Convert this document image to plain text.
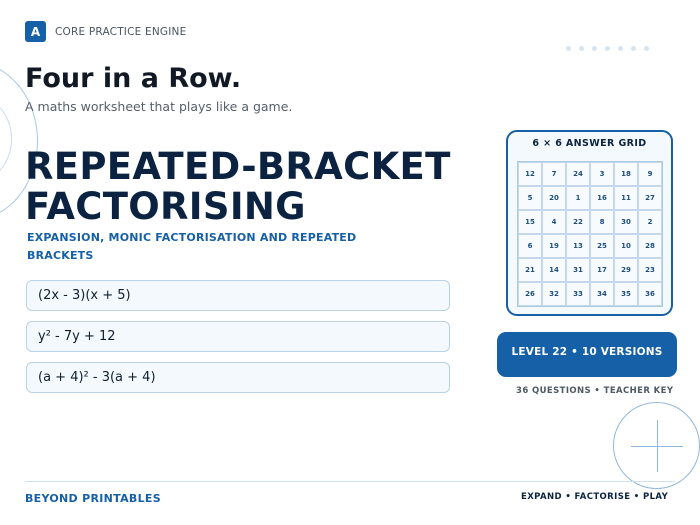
A	CORE PRACTICE ENGINE
Four in a Row.
A maths worksheet that plays like a game.
REPEATED-BRACKET FACTORISING
EXPANSION, MONIC FACTORISATION AND REPEATED BRACKETS
(2x - 3)(x + 5)
y² - 7y + 12
(a + 4)² - 3(a + 4)
6 × 6 ANSWER GRID
12	7	24	3	18	9
5	20	1	16	11	27
15	4	22	8	30	2
6	19	13	25	10	28
21	14	31	17	29	23
26	32	33	34	35	36
LEVEL 22 • 10 VERSIONS
36 QUESTIONS • TEACHER KEY
BEYOND PRINTABLES	EXPAND • FACTORISE • PLAY
